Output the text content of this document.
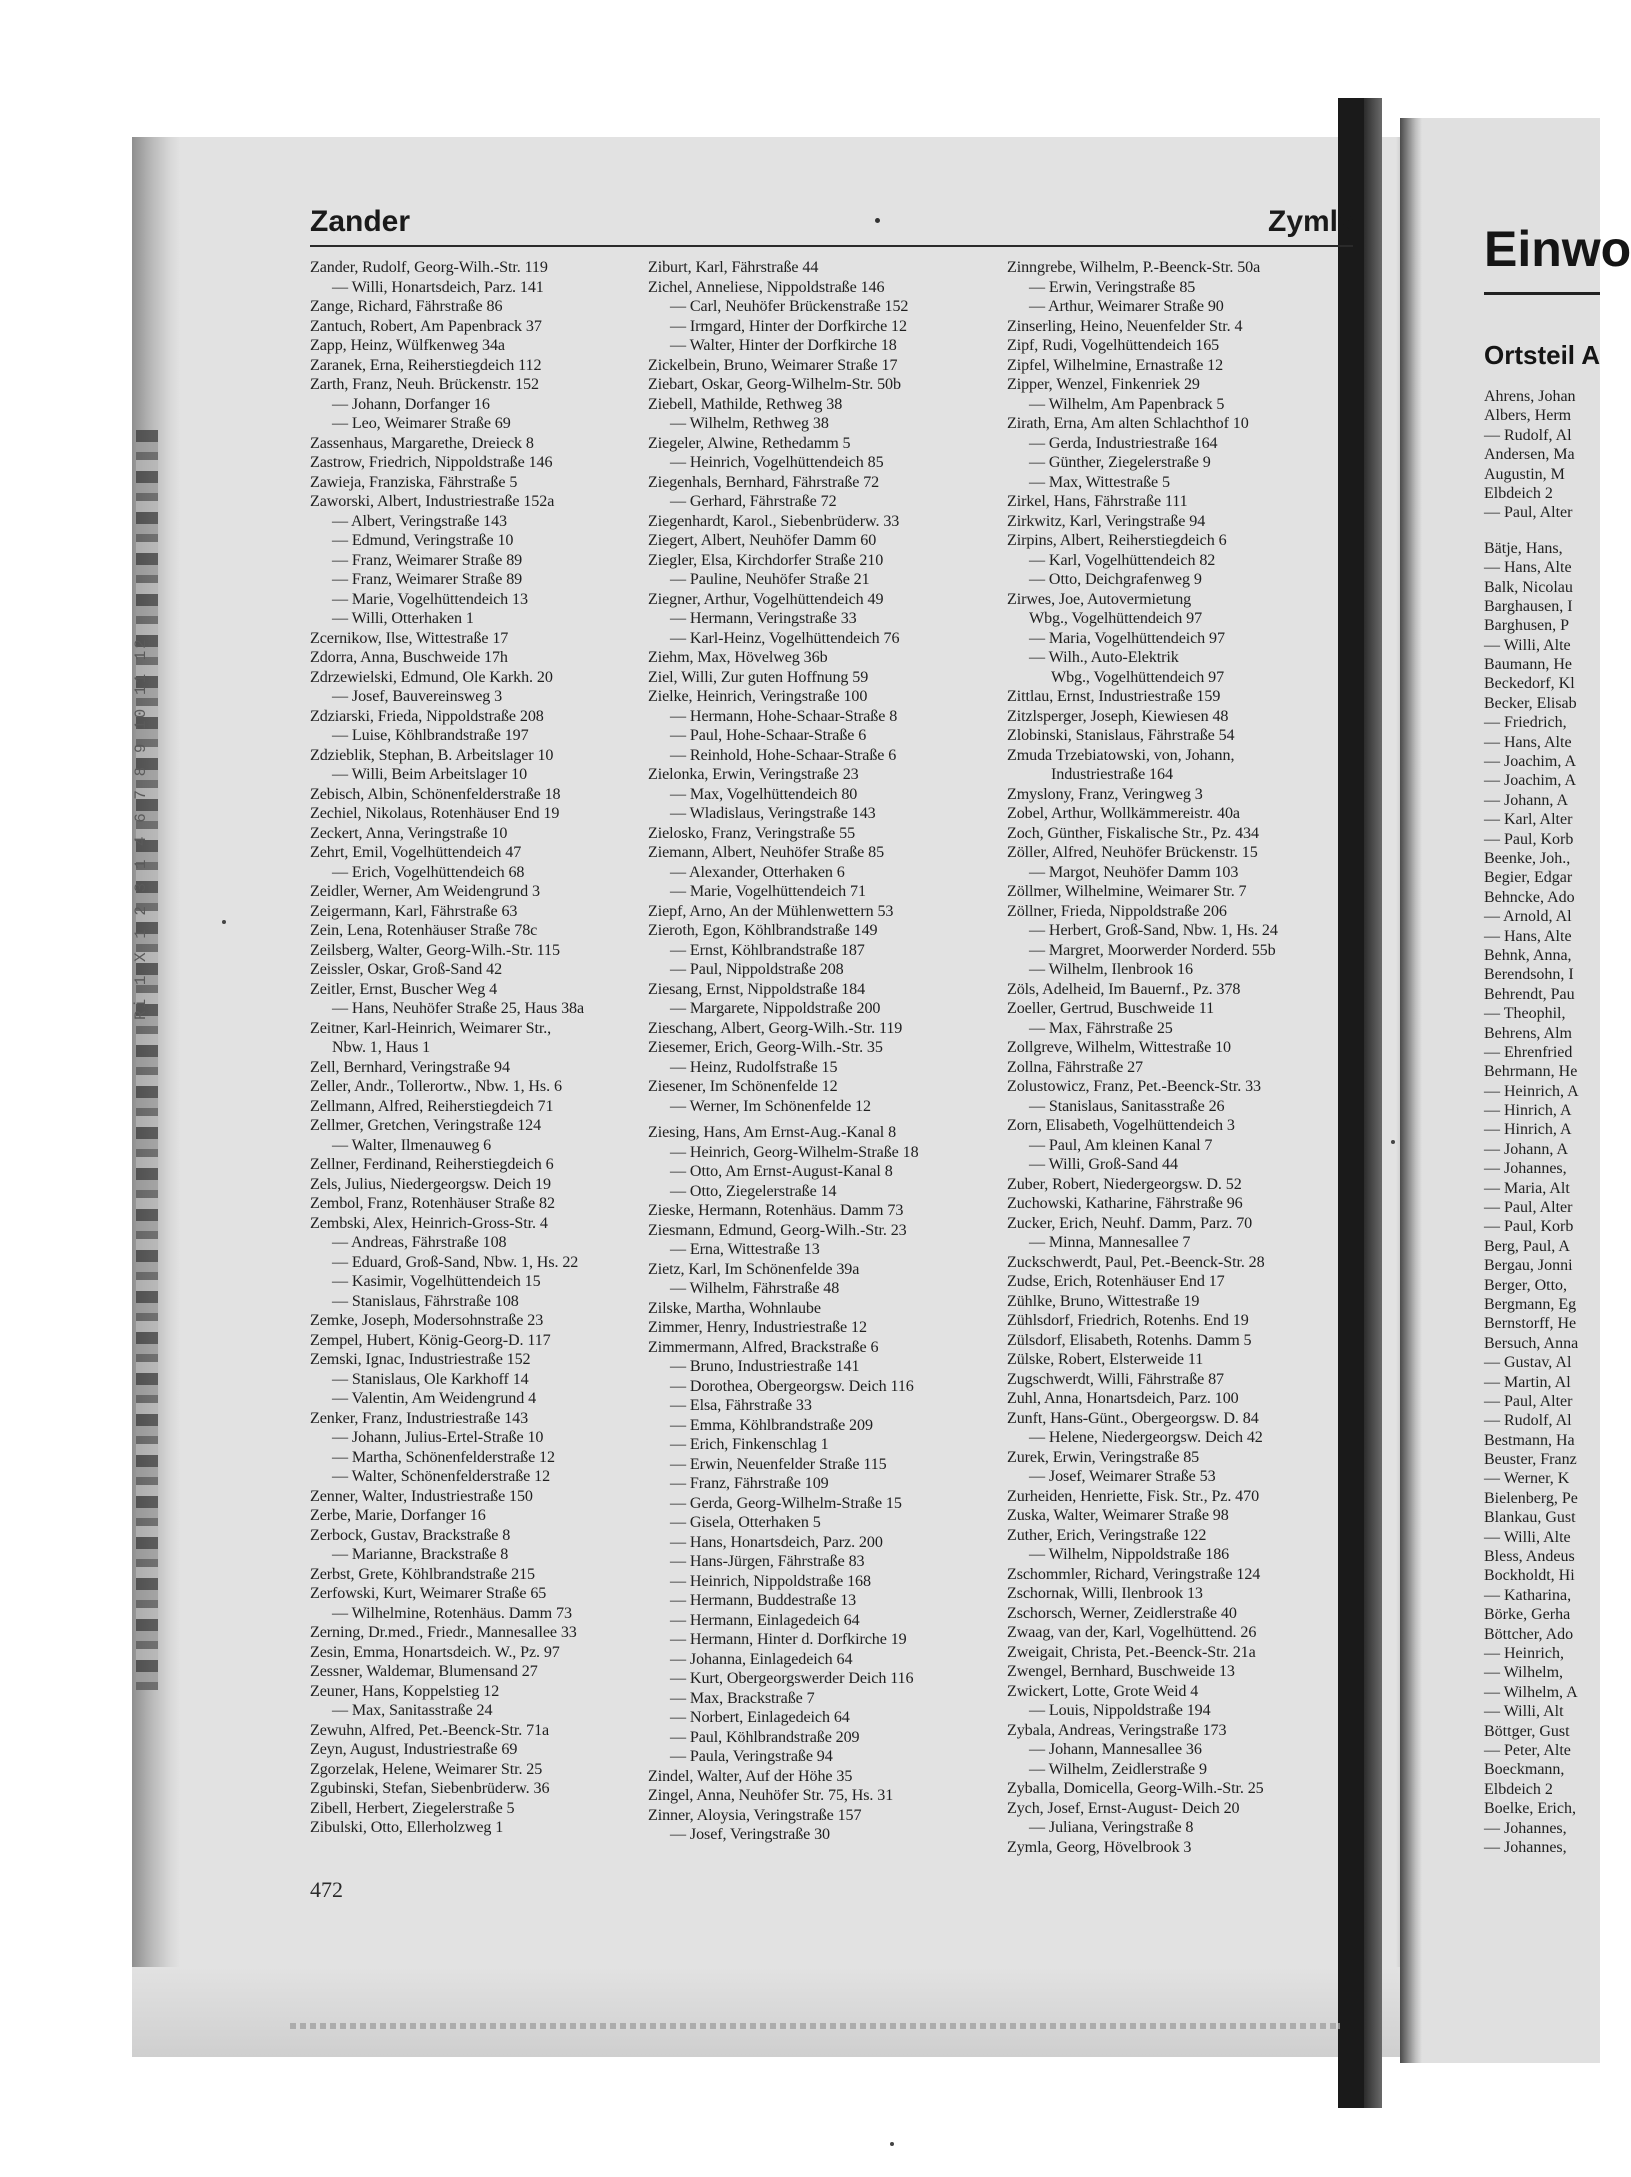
Ri 1 X 1 2 3 1 4 6 7 8 9 10 11 12
Zander	Zymla
Zander, Rudolf, Georg-Wilh.-Str. 119
— Willi, Honartsdeich, Parz. 141
Zange, Richard, Fährstraße 86
Zantuch, Robert, Am Papenbrack 37
Zapp, Heinz, Wülfkenweg 34a
Zaranek, Erna, Reiherstiegdeich 112
Zarth, Franz, Neuh. Brückenstr. 152
— Johann, Dorfanger 16
— Leo, Weimarer Straße 69
Zassenhaus, Margarethe, Dreieck 8
Zastrow, Friedrich, Nippoldstraße 146
Zawieja, Franziska, Fährstraße 5
Zaworski, Albert, Industriestraße 152a
— Albert, Veringstraße 143
— Edmund, Veringstraße 10
— Franz, Weimarer Straße 89
— Franz, Weimarer Straße 89
— Marie, Vogelhüttendeich 13
— Willi, Otterhaken 1
Zcernikow, Ilse, Wittestraße 17
Zdorra, Anna, Buschweide 17h
Zdrzewielski, Edmund, Ole Karkh. 20
— Josef, Bauvereinsweg 3
Zdziarski, Frieda, Nippoldstraße 208
— Luise, Köhlbrandstraße 197
Zdzieblik, Stephan, B. Arbeitslager 10
— Willi, Beim Arbeitslager 10
Zebisch, Albin, Schönenfelderstraße 18
Zechiel, Nikolaus, Rotenhäuser End 19
Zeckert, Anna, Veringstraße 10
Zehrt, Emil, Vogelhüttendeich 47
— Erich, Vogelhüttendeich 68
Zeidler, Werner, Am Weidengrund 3
Zeigermann, Karl, Fährstraße 63
Zein, Lena, Rotenhäuser Straße 78c
Zeilsberg, Walter, Georg-Wilh.-Str. 115
Zeissler, Oskar, Groß-Sand 42
Zeitler, Ernst, Buscher Weg 4
— Hans, Neuhöfer Straße 25, Haus 38a
Zeitner, Karl-Heinrich, Weimarer Str.,
Nbw. 1, Haus 1
Zell, Bernhard, Veringstraße 94
Zeller, Andr., Tollerortw., Nbw. 1, Hs. 6
Zellmann, Alfred, Reiherstiegdeich 71
Zellmer, Gretchen, Veringstraße 124
— Walter, Ilmenauweg 6
Zellner, Ferdinand, Reiherstiegdeich 6
Zels, Julius, Niedergeorgsw. Deich 19
Zembol, Franz, Rotenhäuser Straße 82
Zembski, Alex, Heinrich-Gross-Str. 4
— Andreas, Fährstraße 108
— Eduard, Groß-Sand, Nbw. 1, Hs. 22
— Kasimir, Vogelhüttendeich 15
— Stanislaus, Fährstraße 108
Zemke, Joseph, Modersohnstraße 23
Zempel, Hubert, König-Georg-D. 117
Zemski, Ignac, Industriestraße 152
— Stanislaus, Ole Karkhoff 14
— Valentin, Am Weidengrund 4
Zenker, Franz, Industriestraße 143
— Johann, Julius-Ertel-Straße 10
— Martha, Schönenfelderstraße 12
— Walter, Schönenfelderstraße 12
Zenner, Walter, Industriestraße 150
Zerbe, Marie, Dorfanger 16
Zerbock, Gustav, Brackstraße 8
— Marianne, Brackstraße 8
Zerbst, Grete, Köhlbrandstraße 215
Zerfowski, Kurt, Weimarer Straße 65
— Wilhelmine, Rotenhäus. Damm 73
Zerning, Dr.med., Friedr., Mannesallee 33
Zesin, Emma, Honartsdeich. W., Pz. 97
Zessner, Waldemar, Blumensand 27
Zeuner, Hans, Koppelstieg 12
— Max, Sanitasstraße 24
Zewuhn, Alfred, Pet.-Beenck-Str. 71a
Zeyn, August, Industriestraße 69
Zgorzelak, Helene, Weimarer Str. 25
Zgubinski, Stefan, Siebenbrüderw. 36
Zibell, Herbert, Ziegelerstraße 5
Zibulski, Otto, Ellerholzweg 1
Ziburt, Karl, Fährstraße 44
Zichel, Anneliese, Nippoldstraße 146
— Carl, Neuhöfer Brückenstraße 152
— Irmgard, Hinter der Dorfkirche 12
— Walter, Hinter der Dorfkirche 18
Zickelbein, Bruno, Weimarer Straße 17
Ziebart, Oskar, Georg-Wilhelm-Str. 50b
Ziebell, Mathilde, Rethweg 38
— Wilhelm, Rethweg 38
Ziegeler, Alwine, Rethedamm 5
— Heinrich, Vogelhüttendeich 85
Ziegenhals, Bernhard, Fährstraße 72
— Gerhard, Fährstraße 72
Ziegenhardt, Karol., Siebenbrüderw. 33
Ziegert, Albert, Neuhöfer Damm 60
Ziegler, Elsa, Kirchdorfer Straße 210
— Pauline, Neuhöfer Straße 21
Ziegner, Arthur, Vogelhüttendeich 49
— Hermann, Veringstraße 33
— Karl-Heinz, Vogelhüttendeich 76
Ziehm, Max, Hövelweg 36b
Ziel, Willi, Zur guten Hoffnung 59
Zielke, Heinrich, Veringstraße 100
— Hermann, Hohe-Schaar-Straße 8
— Paul, Hohe-Schaar-Straße 6
— Reinhold, Hohe-Schaar-Straße 6
Zielonka, Erwin, Veringstraße 23
— Max, Vogelhüttendeich 80
— Wladislaus, Veringstraße 143
Zielosko, Franz, Veringstraße 55
Ziemann, Albert, Neuhöfer Straße 85
— Alexander, Otterhaken 6
— Marie, Vogelhüttendeich 71
Ziepf, Arno, An der Mühlenwettern 53
Zieroth, Egon, Köhlbrandstraße 149
— Ernst, Köhlbrandstraße 187
— Paul, Nippoldstraße 208
Ziesang, Ernst, Nippoldstraße 184
— Margarete, Nippoldstraße 200
Zieschang, Albert, Georg-Wilh.-Str. 119
Ziesemer, Erich, Georg-Wilh.-Str. 35
— Heinz, Rudolfstraße 15
Ziesener, Im Schönenfelde 12
— Werner, Im Schönenfelde 12
Ziesing, Hans, Am Ernst-Aug.-Kanal 8
— Heinrich, Georg-Wilhelm-Straße 18
— Otto, Am Ernst-August-Kanal 8
— Otto, Ziegelerstraße 14
Zieske, Hermann, Rotenhäus. Damm 73
Ziesmann, Edmund, Georg-Wilh.-Str. 23
— Erna, Wittestraße 13
Zietz, Karl, Im Schönenfelde 39a
— Wilhelm, Fährstraße 48
Zilske, Martha, Wohnlaube
Zimmer, Henry, Industriestraße 12
Zimmermann, Alfred, Brackstraße 6
— Bruno, Industriestraße 141
— Dorothea, Obergeorgsw. Deich 116
— Elsa, Fährstraße 33
— Emma, Köhlbrandstraße 209
— Erich, Finkenschlag 1
— Erwin, Neuenfelder Straße 115
— Franz, Fährstraße 109
— Gerda, Georg-Wilhelm-Straße 15
— Gisela, Otterhaken 5
— Hans, Honartsdeich, Parz. 200
— Hans-Jürgen, Fährstraße 83
— Heinrich, Nippoldstraße 168
— Hermann, Buddestraße 13
— Hermann, Einlagedeich 64
— Hermann, Hinter d. Dorfkirche 19
— Johanna, Einlagedeich 64
— Kurt, Obergeorgswerder Deich 116
— Max, Brackstraße 7
— Norbert, Einlagedeich 64
— Paul, Köhlbrandstraße 209
— Paula, Veringstraße 94
Zindel, Walter, Auf der Höhe 35
Zingel, Anna, Neuhöfer Str. 75, Hs. 31
Zinner, Aloysia, Veringstraße 157
— Josef, Veringstraße 30
Zinngrebe, Wilhelm, P.-Beenck-Str. 50a
— Erwin, Veringstraße 85
— Arthur, Weimarer Straße 90
Zinserling, Heino, Neuenfelder Str. 4
Zipf, Rudi, Vogelhüttendeich 165
Zipfel, Wilhelmine, Ernastraße 12
Zipper, Wenzel, Finkenriek 29
— Wilhelm, Am Papenbrack 5
Zirath, Erna, Am alten Schlachthof 10
— Gerda, Industriestraße 164
— Günther, Ziegelerstraße 9
— Max, Wittestraße 5
Zirkel, Hans, Fährstraße 111
Zirkwitz, Karl, Veringstraße 94
Zirpins, Albert, Reiherstiegdeich 6
— Karl, Vogelhüttendeich 82
— Otto, Deichgrafenweg 9
Zirwes, Joe, Autovermietung
Wbg., Vogelhüttendeich 97
— Maria, Vogelhüttendeich 97
— Wilh., Auto-Elektrik
Wbg., Vogelhüttendeich 97
Zittlau, Ernst, Industriestraße 159
Zitzlsperger, Joseph, Kiewiesen 48
Zlobinski, Stanislaus, Fährstraße 54
Zmuda Trzebiatowski, von, Johann,
Industriestraße 164
Zmyslony, Franz, Veringweg 3
Zobel, Arthur, Wollkämmereistr. 40a
Zoch, Günther, Fiskalische Str., Pz. 434
Zöller, Alfred, Neuhöfer Brückenstr. 15
— Margot, Neuhöfer Damm 103
Zöllmer, Wilhelmine, Weimarer Str. 7
Zöllner, Frieda, Nippoldstraße 206
— Herbert, Groß-Sand, Nbw. 1, Hs. 24
— Margret, Moorwerder Norderd. 55b
— Wilhelm, Ilenbrook 16
Zöls, Adelheid, Im Bauernf., Pz. 378
Zoeller, Gertrud, Buschweide 11
— Max, Fährstraße 25
Zollgreve, Wilhelm, Wittestraße 10
Zollna, Fährstraße 27
Zolustowicz, Franz, Pet.-Beenck-Str. 33
— Stanislaus, Sanitasstraße 26
Zorn, Elisabeth, Vogelhüttendeich 3
— Paul, Am kleinen Kanal 7
— Willi, Groß-Sand 44
Zuber, Robert, Niedergeorgsw. D. 52
Zuchowski, Katharine, Fährstraße 96
Zucker, Erich, Neuhf. Damm, Parz. 70
— Minna, Mannesallee 7
Zuckschwerdt, Paul, Pet.-Beenck-Str. 28
Zudse, Erich, Rotenhäuser End 17
Zühlke, Bruno, Wittestraße 19
Zühlsdorf, Friedrich, Rotenhs. End 19
Zülsdorf, Elisabeth, Rotenhs. Damm 5
Zülske, Robert, Elsterweide 11
Zugschwerdt, Willi, Fährstraße 87
Zuhl, Anna, Honartsdeich, Parz. 100
Zunft, Hans-Günt., Obergeorgsw. D. 84
— Helene, Niedergeorgsw. Deich 42
Zurek, Erwin, Veringstraße 85
— Josef, Weimarer Straße 53
Zurheiden, Henriette, Fisk. Str., Pz. 470
Zuska, Walter, Weimarer Straße 98
Zuther, Erich, Veringstraße 122
— Wilhelm, Nippoldstraße 186
Zschommler, Richard, Veringstraße 124
Zschornak, Willi, Ilenbrook 13
Zschorsch, Werner, Zeidlerstraße 40
Zwaag, van der, Karl, Vogelhüttend. 26
Zweigait, Christa, Pet.-Beenck-Str. 21a
Zwengel, Bernhard, Buschweide 13
Zwickert, Lotte, Grote Weid 4
— Louis, Nippoldstraße 194
Zybala, Andreas, Veringstraße 173
— Johann, Mannesallee 36
— Wilhelm, Zeidlerstraße 9
Zyballa, Domicella, Georg-Wilh.-Str. 25
Zych, Josef, Ernst-August- Deich 20
— Juliana, Veringstraße 8
Zymla, Georg, Hövelbrook 3
472
Einwo
Ortsteil A
Ahrens, Johan
Albers, Herm
— Rudolf, Al
Andersen, Ma
Augustin, M
Elbdeich 2
— Paul, Alter
Bätje, Hans,
— Hans, Alte
Balk, Nicolau
Barghausen, I
Barghusen, P
— Willi, Alte
Baumann, He
Beckedorf, Kl
Becker, Elisab
— Friedrich,
— Hans, Alte
— Joachim, A
— Joachim, A
— Johann, A
— Karl, Alter
— Paul, Korb
Beenke, Joh.,
Begier, Edgar
Behncke, Ado
— Arnold, Al
— Hans, Alte
Behnk, Anna,
Berendsohn, I
Behrendt, Pau
— Theophil,
Behrens, Alm
— Ehrenfried
Behrmann, He
— Heinrich, A
— Hinrich, A
— Hinrich, A
— Johann, A
— Johannes,
— Maria, Alt
— Paul, Alter
— Paul, Korb
Berg, Paul, A
Bergau, Jonni
Berger, Otto,
Bergmann, Eg
Bernstorff, He
Bersuch, Anna
— Gustav, Al
— Martin, Al
— Paul, Alter
— Rudolf, Al
Bestmann, Ha
Beuster, Franz
— Werner, K
Bielenberg, Pe
Blankau, Gust
— Willi, Alte
Bless, Andeus
Bockholdt, Hi
— Katharina,
Börke, Gerha
Böttcher, Ado
— Heinrich,
— Wilhelm,
— Wilhelm, A
— Willi, Alt
Böttger, Gust
— Peter, Alte
Boeckmann,
Elbdeich 2
Boelke, Erich,
— Johannes,
— Johannes,
